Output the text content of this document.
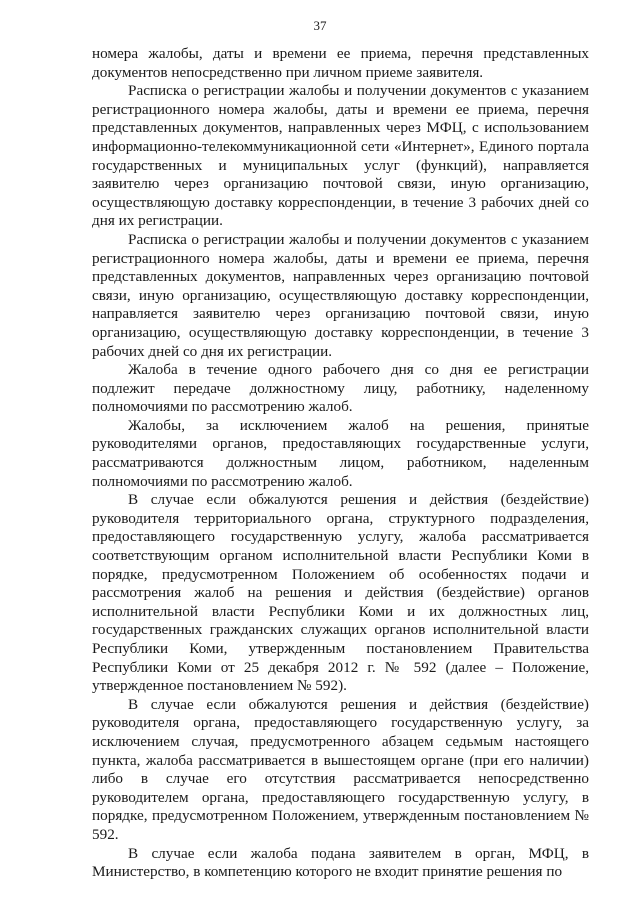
37

номера жалобы, даты и времени ее приема, перечня представленных документов непосредственно при личном приеме заявителя.

Расписка о регистрации жалобы и получении документов с указанием регистрационного номера жалобы, даты и времени ее приема, перечня представленных документов, направленных через МФЦ, с использованием информационно-телекоммуникационной сети «Интернет», Единого портала государственных и муниципальных услуг (функций), направляется заявителю через организацию почтовой связи, иную организацию, осуществляющую доставку корреспонденции, в течение 3 рабочих дней со дня их регистрации.

Расписка о регистрации жалобы и получении документов с указанием регистрационного номера жалобы, даты и времени ее приема, перечня представленных документов, направленных через организацию почтовой связи, иную организацию, осуществляющую доставку корреспонденции, направляется заявителю через организацию почтовой связи, иную организацию, осуществляющую доставку корреспонденции, в течение 3 рабочих дней со дня их регистрации.

Жалоба в течение одного рабочего дня со дня ее регистрации подлежит передаче должностному лицу, работнику, наделенному полномочиями по рассмотрению жалоб.

Жалобы, за исключением жалоб на решения, принятые руководителями органов, предоставляющих государственные услуги, рассматриваются должностным лицом, работником, наделенным полномочиями по рассмотрению жалоб.

В случае если обжалуются решения и действия (бездействие) руководителя территориального органа, структурного подразделения, предоставляющего государственную услугу, жалоба рассматривается соответствующим органом исполнительной власти Республики Коми в порядке, предусмотренном Положением об особенностях подачи и рассмотрения жалоб на решения и действия (бездействие) органов исполнительной власти Республики Коми и их должностных лиц, государственных гражданских служащих органов исполнительной власти Республики Коми, утвержденным постановлением Правительства Республики Коми от 25 декабря 2012 г. № 592 (далее – Положение, утвержденное постановлением № 592).

В случае если обжалуются решения и действия (бездействие) руководителя органа, предоставляющего государственную услугу, за исключением случая, предусмотренного абзацем седьмым настоящего пункта, жалоба рассматривается в вышестоящем органе (при его наличии) либо в случае его отсутствия рассматривается непосредственно руководителем органа, предоставляющего государственную услугу, в порядке, предусмотренном Положением, утвержденным постановлением № 592.

В случае если жалоба подана заявителем в орган, МФЦ, в Министерство, в компетенцию которого не входит принятие решения по
